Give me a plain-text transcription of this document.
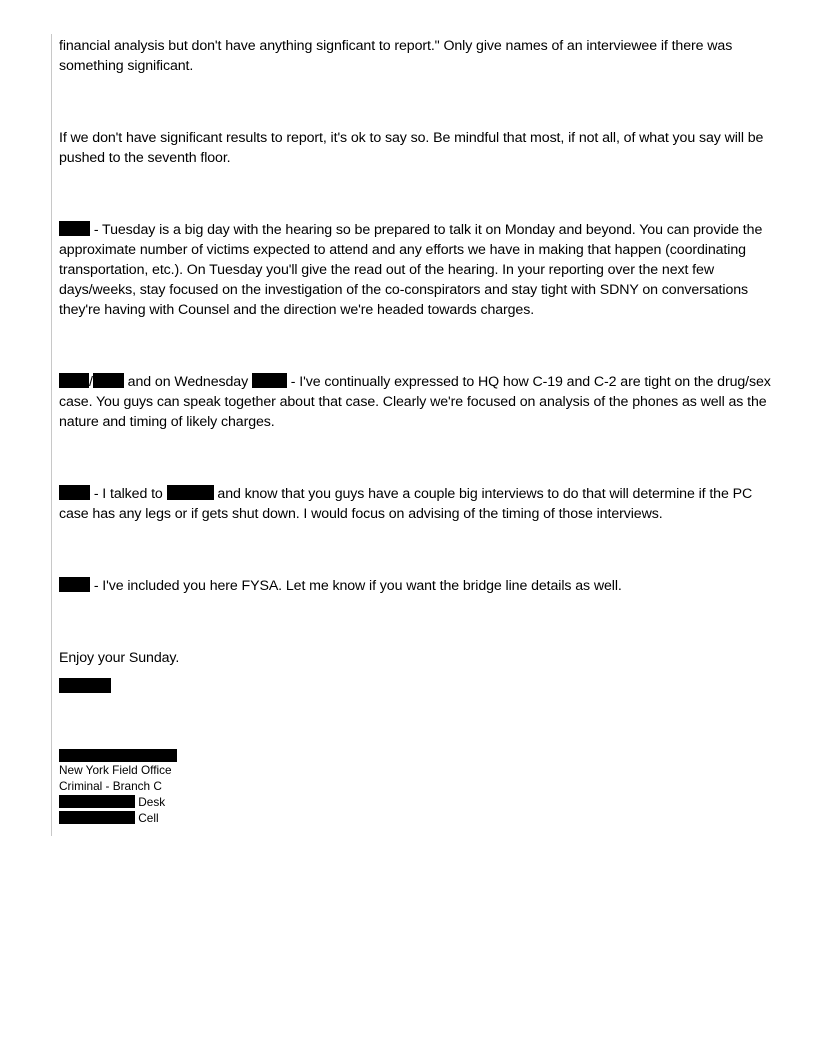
financial analysis but don't have anything signficant to report." Only give names of an interviewee if there was something significant.

If we don't have significant results to report, it's ok to say so. Be mindful that most, if not all, of what you say will be pushed to the seventh floor.

- Tuesday is a big day with the hearing so be prepared to talk it on Monday and beyond. You can provide the approximate number of victims expected to attend and any efforts we have in making that happen (coordinating transportation, etc.). On Tuesday you'll give the read out of the hearing. In your reporting over the next few days/weeks, stay focused on the investigation of the co-conspirators and stay tight with SDNY on conversations they're having with Counsel and the direction we're headed towards charges.

/ and on Wednesday  - I've continually expressed to HQ how C-19 and C-2 are tight on the drug/sex case. You guys can speak together about that case. Clearly we're focused on analysis of the phones as well as the nature and timing of likely charges.

- I talked to	and know that you guys have a couple big interviews to do that will determine if the PC case has any legs or if gets shut down. I would focus on advising of the timing of those interviews.

- I've included you here FYSA. Let me know if you want the bridge line details as well.

Enjoy your Sunday.

New York Field Office

Criminal - Branch C

Desk

Cell
